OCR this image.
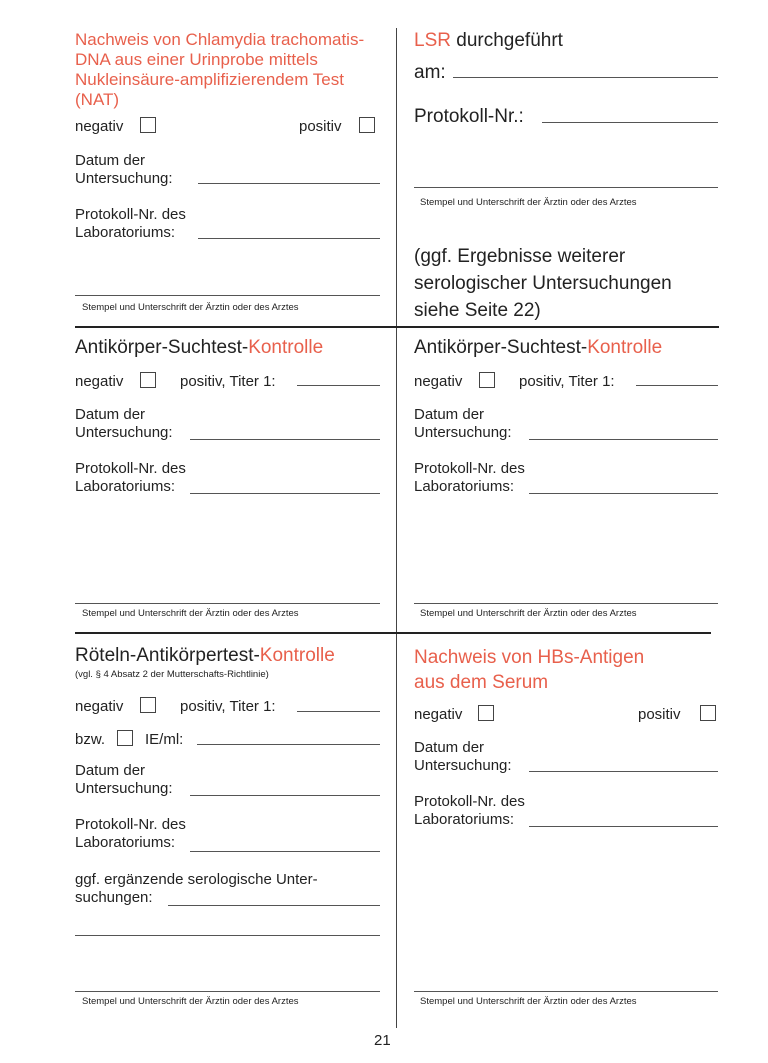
Nachweis von Chlamydia trachomatis-
DNA aus einer Urinprobe mittels
Nukleinsäure-amplifizierendem Test
(NAT)
negativ	positiv
Datum der
Untersuchung:
Protokoll-Nr. des
Laboratoriums:
Stempel und Unterschrift der Ärztin oder des Arztes
LSR durchgeführt
am:
Protokoll-Nr.:
Stempel und Unterschrift der Ärztin oder des Arztes
(ggf. Ergebnisse weiterer
serologischer Untersuchungen
siehe Seite 22)
Antikörper-Suchtest-Kontrolle
negativ	positiv, Titer 1:
Datum der
Untersuchung:
Protokoll-Nr. des
Laboratoriums:
Stempel und Unterschrift der Ärztin oder des Arztes
Antikörper-Suchtest-Kontrolle
negativ	positiv, Titer 1:
Datum der
Untersuchung:
Protokoll-Nr. des
Laboratoriums:
Stempel und Unterschrift der Ärztin oder des Arztes
Röteln-Antikörpertest-Kontrolle
(vgl. § 4 Absatz 2 der Mutterschafts-Richtlinie)
negativ	positiv, Titer 1:
bzw.	IE/ml:
Datum der
Untersuchung:
Protokoll-Nr. des
Laboratoriums:
ggf. ergänzende serologische Unter-
suchungen:
Stempel und Unterschrift der Ärztin oder des Arztes
Nachweis von HBs-Antigen
aus dem Serum
negativ	positiv
Datum der
Untersuchung:
Protokoll-Nr. des
Laboratoriums:
Stempel und Unterschrift der Ärztin oder des Arztes
21
